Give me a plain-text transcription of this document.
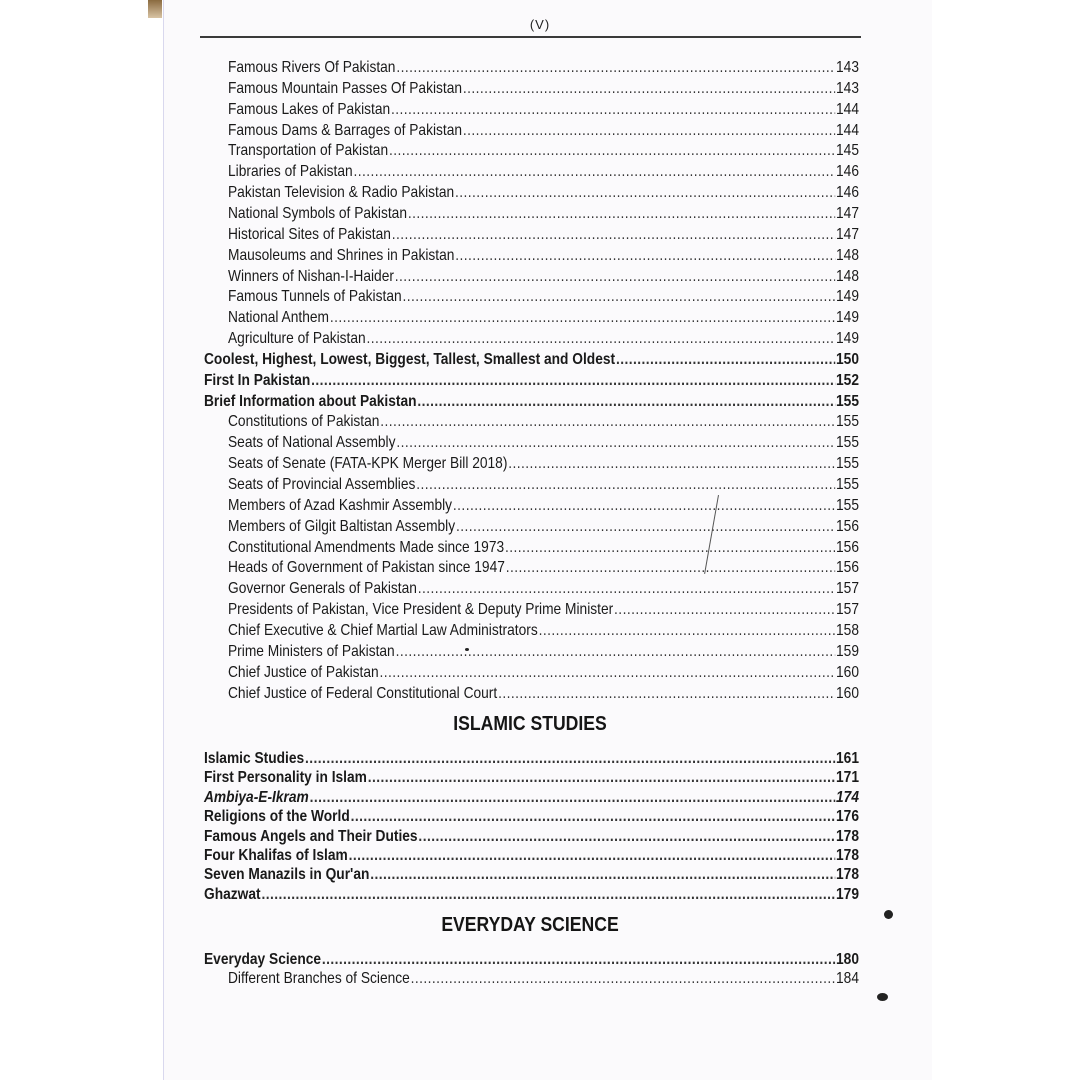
(V)
Famous Rivers Of Pakistan .....	143
Famous Mountain Passes Of Pakistan .....	143
Famous Lakes of Pakistan .....	144
Famous Dams & Barrages of Pakistan .....	144
Transportation of Pakistan .....	145
Libraries of Pakistan .....	146
Pakistan Television & Radio Pakistan .....	146
National Symbols of Pakistan .....	147
Historical Sites of Pakistan .....	147
Mausoleums and Shrines in Pakistan .....	148
Winners of Nishan-I-Haider .....	148
Famous Tunnels of Pakistan .....	149
National Anthem .....	149
Agriculture of Pakistan .....	149
Coolest, Highest, Lowest, Biggest, Tallest, Smallest and Oldest .....	150
First In Pakistan .....	152
Brief Information about Pakistan .....	155
Constitutions of Pakistan .....	155
Seats of National Assembly .....	155
Seats of Senate (FATA-KPK Merger Bill 2018) .....	155
Seats of Provincial Assemblies .....	155
Members of Azad Kashmir Assembly .....	155
Members of Gilgit Baltistan Assembly .....	156
Constitutional Amendments Made since 1973 .....	156
Heads of Government of Pakistan since 1947 .....	156
Governor Generals of Pakistan .....	157
Presidents of Pakistan, Vice President & Deputy Prime Minister .....	157
Chief Executive & Chief Martial Law Administrators .....	158
Prime Ministers of Pakistan .....	159
Chief Justice of Pakistan .....	160
Chief Justice of Federal Constitutional Court .....	160
ISLAMIC STUDIES
Islamic Studies .....	161
First Personality in Islam .....	171
Ambiya-E-Ikram .....	174
Religions of the World .....	176
Famous Angels and Their Duties .....	178
Four Khalifas of Islam .....	178
Seven Manazils in Qur'an .....	178
Ghazwat .....	179
EVERYDAY SCIENCE
Everyday Science .....	180
Different Branches of Science .....	184
